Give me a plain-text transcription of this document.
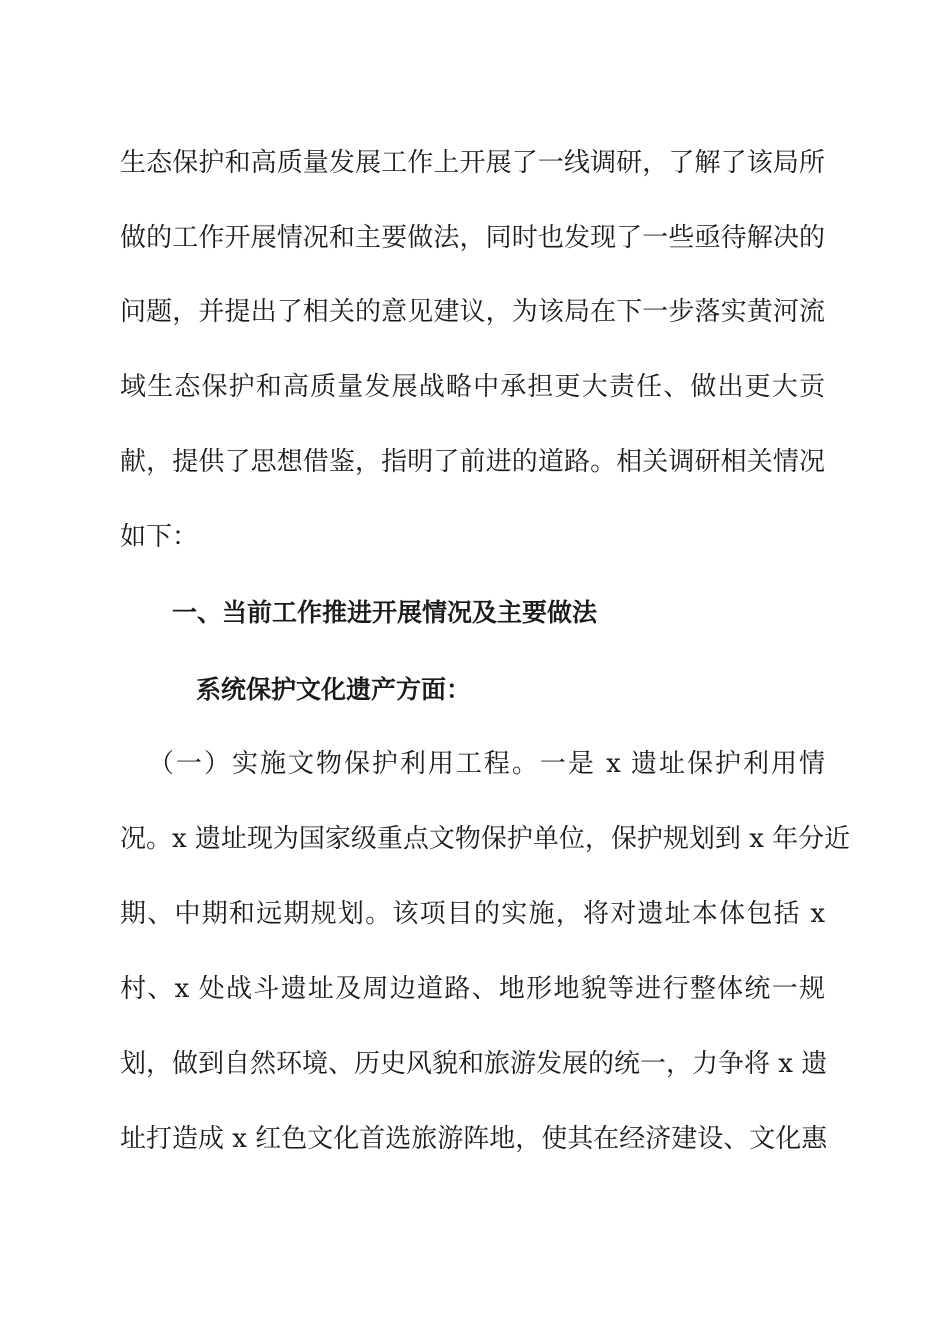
生态保护和高质量发展工作上开展了一线调研，了解了该局所
做的工作开展情况和主要做法，同时也发现了一些亟待解决的
问题，并提出了相关的意见建议，为该局在下一步落实黄河流
域生态保护和高质量发展战略中承担更大责任、做出更大贡
献，提供了思想借鉴，指明了前进的道路。相关调研相关情况
如下：
一、当前工作推进开展情况及主要做法
系统保护文化遗产方面：
（一）实施文物保护利用工程。一是 x 遗址保护利用情
况。x 遗址现为国家级重点文物保护单位，保护规划到 x 年分近
期、中期和远期规划。该项目的实施，将对遗址本体包括 x
村、x 处战斗遗址及周边道路、地形地貌等进行整体统一规
划，做到自然环境、历史风貌和旅游发展的统一，力争将 x 遗
址打造成 x 红色文化首选旅游阵地，使其在经济建设、文化惠
